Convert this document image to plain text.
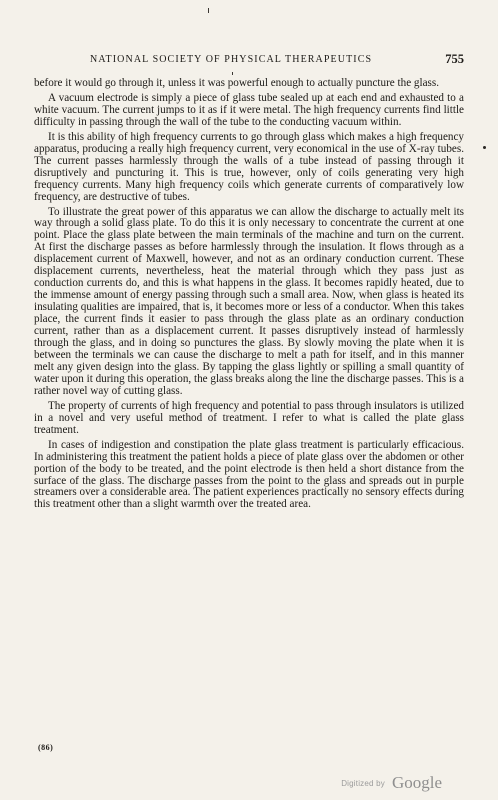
NATIONAL SOCIETY OF PHYSICAL THERAPEUTICS	755

before it would go through it, unless it was powerful enough to actually puncture the glass.

A vacuum electrode is simply a piece of glass tube sealed up at each end and exhausted to a white vacuum. The current jumps to it as if it were metal. The high frequency currents find little difficulty in passing through the wall of the tube to the conducting vacuum within.

It is this ability of high frequency currents to go through glass which makes a high frequency apparatus, producing a really high frequency current, very economical in the use of X-ray tubes. The current passes harmlessly through the walls of a tube instead of passing through it disruptively and puncturing it. This is true, however, only of coils generating very high frequency currents. Many high frequency coils which generate currents of comparatively low frequency, are destructive of tubes.

To illustrate the great power of this apparatus we can allow the discharge to actually melt its way through a solid glass plate. To do this it is only necessary to concentrate the current at one point. Place the glass plate between the main terminals of the machine and turn on the current. At first the discharge passes as before harmlessly through the insulation. It flows through as a displacement current of Maxwell, however, and not as an ordinary conduction current. These displacement currents, nevertheless, heat the material through which they pass just as conduction currents do, and this is what happens in the glass. It becomes rapidly heated, due to the immense amount of energy passing through such a small area. Now, when glass is heated its insulating qualities are impaired, that is, it becomes more or less of a conductor. When this takes place, the current finds it easier to pass through the glass plate as an ordinary conduction current, rather than as a displacement current. It passes disruptively instead of harmlessly through the glass, and in doing so punctures the glass. By slowly moving the plate when it is between the terminals we can cause the discharge to melt a path for itself, and in this manner melt any given design into the glass. By tapping the glass lightly or spilling a small quantity of water upon it during this operation, the glass breaks along the line the discharge passes. This is a rather novel way of cutting glass.

The property of currents of high frequency and potential to pass through insulators is utilized in a novel and very useful method of treatment. I refer to what is called the plate glass treatment.

In cases of indigestion and constipation the plate glass treatment is particularly efficacious. In administering this treatment the patient holds a piece of plate glass over the abdomen or other portion of the body to be treated, and the point electrode is then held a short distance from the surface of the glass. The discharge passes from the point to the glass and spreads out in purple streamers over a considerable area. The patient experiences practically no sensory effects during this treatment other than a slight warmth over the treated area.

(86)
Digitized by Google
